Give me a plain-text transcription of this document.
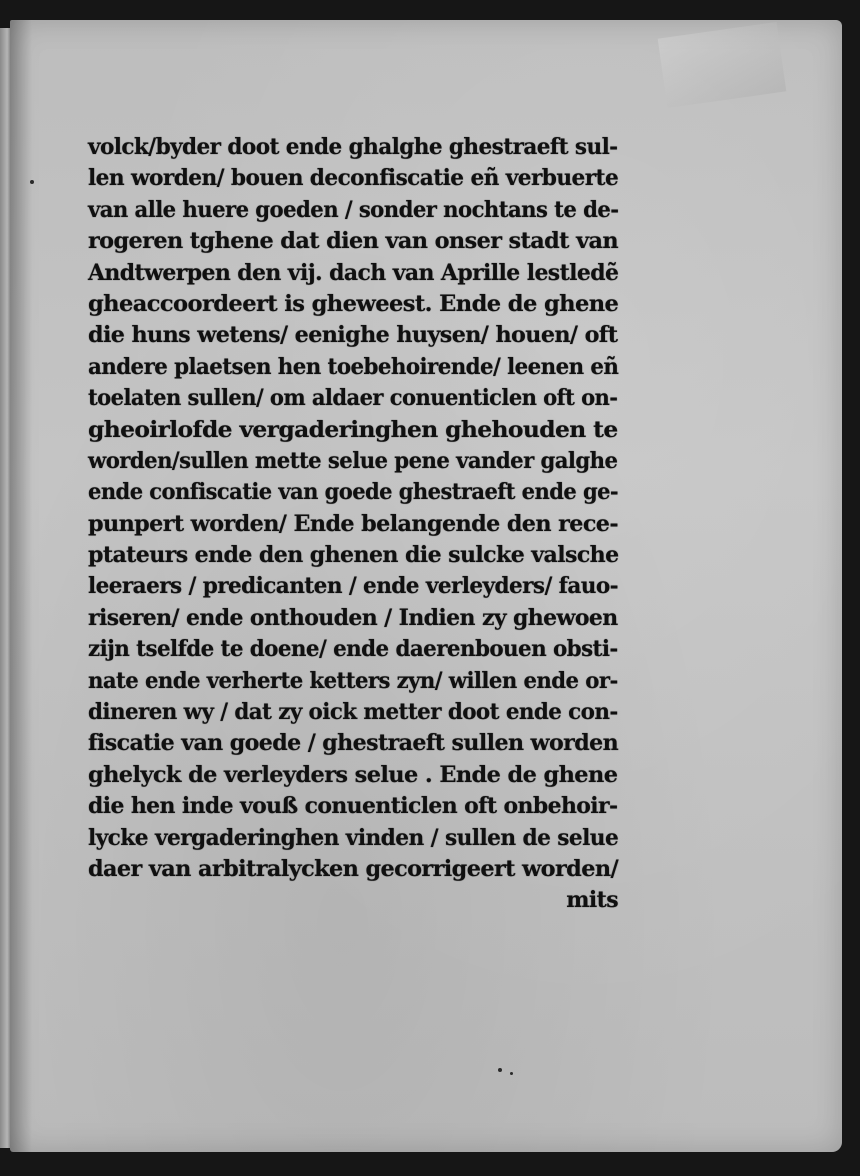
volck/byder doot ende ghalghe ghestraeft sul-
len worden/ bouen deconfiscatie eñ verbuerte
van alle huere goeden / sonder nochtans te de-
rogeren tghene dat dien van onser stadt van
Andtwerpen den vij. dach van Aprille lestledẽ
gheaccoordeert is gheweest. Ende de ghene
die huns wetens/ eenighe huysen/ houen/ oft
andere plaetsen hen toebehoirende/ leenen eñ
toelaten sullen/ om aldaer conuenticlen oft on-
gheoirlofde vergaderinghen ghehouden te
worden/sullen mette selue pene vander galghe
ende confiscatie van goede ghestraeft ende ge-
punpert worden/ Ende belangende den rece-
ptateurs ende den ghenen die sulcke valsche
leeraers / predicanten / ende verleyders/ fauo-
riseren/ ende onthouden / Indien zy ghewoen
zijn tselfde te doene/ ende daerenbouen obsti-
nate ende verherte ketters zyn/ willen ende or-
dineren wy / dat zy oick metter doot ende con-
fiscatie van goede / ghestraeft sullen worden
ghelyck de verleyders selue . Ende de ghene
die hen inde vouß conuenticlen oft onbehoir-
lycke vergaderinghen vinden / sullen de selue
daer van arbitralycken gecorrigeert worden/
mits
